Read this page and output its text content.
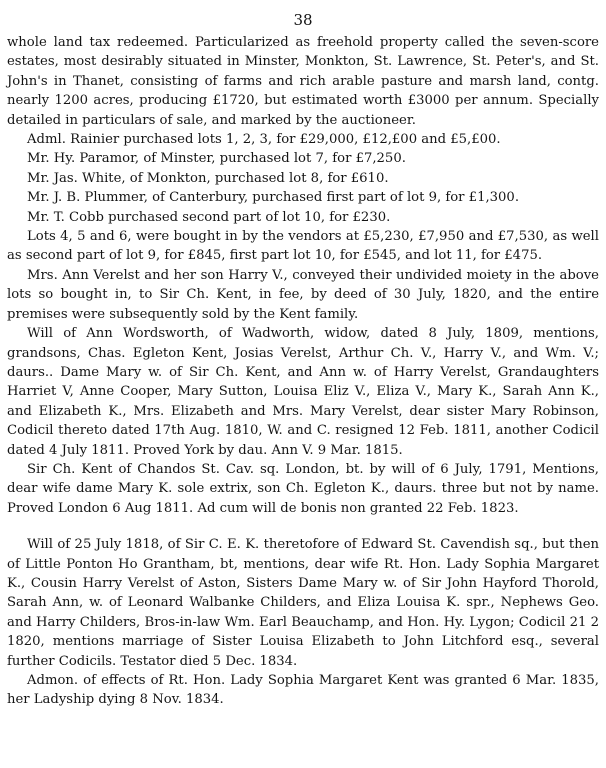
38

whole land tax redeemed. Particularized as freehold property called the seven-score estates, most desirably situated in Minster, Monkton, St. Lawrence, St. Peter's, and St. John's in Thanet, consisting of farms and rich arable pasture and marsh land, contg. nearly 1200 acres, producing £1720, but estimated worth £3000 per annum. Specially detailed in particulars of sale, and marked by the auctioneer.

Adml. Rainier purchased lots 1, 2, 3, for £29,000, £12,£00 and £5,£00.

Mr. Hy. Paramor, of Minster, purchased lot 7, for £7,250.

Mr. Jas. White, of Monkton, purchased lot 8, for £610.

Mr. J. B. Plummer, of Canterbury, purchased first part of lot 9, for £1,300.

Mr. T. Cobb purchased second part of lot 10, for £230.

Lots 4, 5 and 6, were bought in by the vendors at £5,230, £7,950 and £7,530, as well as second part of lot 9, for £845, first part lot 10, for £545, and lot 11, for £475.

Mrs. Ann Verelst and her son Harry V., conveyed their undivided moiety in the above lots so bought in, to Sir Ch. Kent, in fee, by deed of 30 July, 1820, and the entire premises were subsequently sold by the Kent family.

Will of Ann Wordsworth, of Wadworth, widow, dated 8 July, 1809, mentions, grandsons, Chas. Egleton Kent, Josias Verelst, Arthur Ch. V., Harry V., and Wm. V.; daurs.. Dame Mary w. of Sir Ch. Kent, and Ann w. of Harry Verelst, Grandaughters Harriet V, Anne Cooper, Mary Sutton, Louisa Eliz V., Eliza V., Mary K., Sarah Ann K., and Elizabeth K., Mrs. Elizabeth and Mrs. Mary Verelst, dear sister Mary Robinson, Codicil thereto dated 17th Aug. 1810, W. and C. resigned 12 Feb. 1811, another Codicil dated 4 July 1811. Proved York by dau. Ann V. 9 Mar. 1815.

Sir Ch. Kent of Chandos St. Cav. sq. London, bt. by will of 6 July, 1791, Mentions, dear wife dame Mary K. sole extrix, son Ch. Egleton K., daurs. three but not by name. Proved London 6 Aug 1811. Ad cum will de bonis non granted 22 Feb. 1823.

Will of 25 July 1818, of Sir C. E. K. theretofore of Edward St. Cavendish sq., but then of Little Ponton Ho Grantham, bt, mentions, dear wife Rt. Hon. Lady Sophia Margaret K., Cousin Harry Verelst of Aston, Sisters Dame Mary w. of Sir John Hayford Thorold, Sarah Ann, w. of Leonard Walbanke Childers, and Eliza Louisa K. spr., Nephews Geo. and Harry Childers, Bros-in-law Wm. Earl Beauchamp, and Hon. Hy. Lygon; Codicil 21 2 1820, mentions marriage of Sister Louisa Elizabeth to John Litchford esq., several further Codicils. Testator died 5 Dec. 1834.

Admon. of effects of Rt. Hon. Lady Sophia Margaret Kent was granted 6 Mar. 1835, her Ladyship dying 8 Nov. 1834.
